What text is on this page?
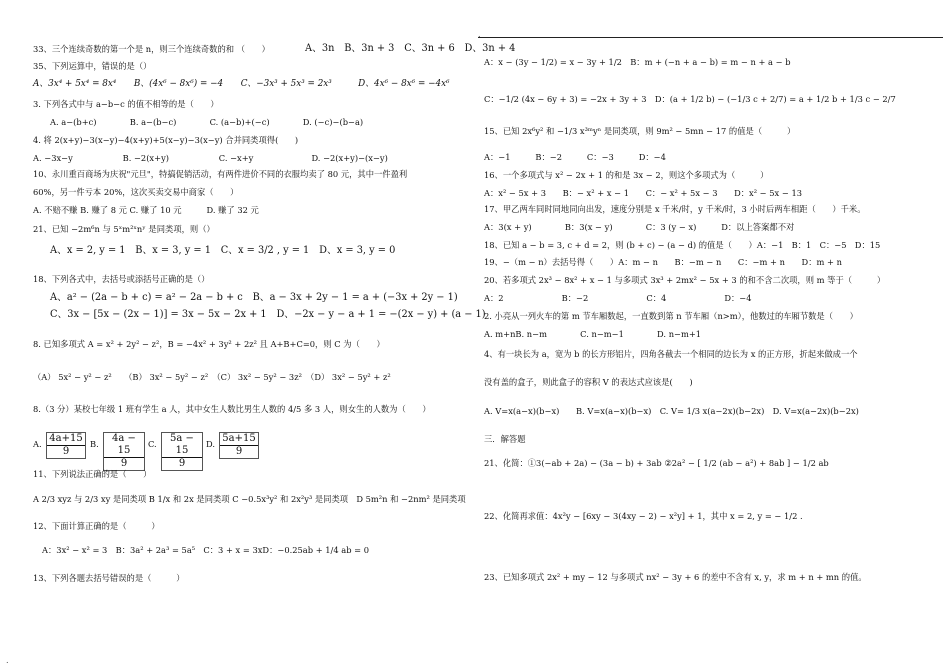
.
.
33、三个连续奇数的第一个是 n，则三个连续奇数的和 （　　）	A、3n　B、3n + 3　C、3n + 6　D、3n + 4
35、下列运算中，错误的是（）
A、3x⁴ + 5x⁴ = 8x⁴　　B、(4x⁶ − 8x⁶) = −4　　C、−3x³ + 5x³ = 2x³　　　D、4x⁶ − 8x⁶ = −4x⁶
3. 下列各式中与 a−b−c 的值不相等的是（　　）
A. a−(b+c)　　　　B. a−(b−c)　　　　C. (a−b)+(−c)　　　　D. (−c)−(b−a)
4. 将 2(x+y)−3(x−y)−4(x+y)+5(x−y)−3(x−y) 合并同类项得(　　)
A. −3x−y　　　　　　B. −2(x+y)　　　　　　C. −x+y　　　　　　　D. −2(x+y)−(x−y)
10、永川重百商场为庆祝"元旦"，特搞促销活动，有两件进价不同的衣服均卖了 80 元，其中一件盈利
60%，另一件亏本 20%，这次买卖交易中商家（　　）
A. 不赔不赚 B. 赚了 8 元 C. 赚了 10 元　　　D. 赚了 32 元
21、已知 −2m⁶n 与 5ˣm²ˣnʸ 是同类项，则（）
A、x = 2, y = 1　B、x = 3, y = 1　C、x = 3/2 , y = 1　D、x = 3, y = 0
18、下列各式中，去括号或添括号正确的是（）
A、a² − (2a − b + c) = a² − 2a − b + c　B、a − 3x + 2y − 1 = a + (−3x + 2y − 1)
C、3x − [5x − (2x − 1)] = 3x − 5x − 2x + 1　D、−2x − y − a + 1 = −(2x − y) + (a − 1)
8. 已知多项式 A = x² + 2y² − z²，B = −4x² + 3y² + 2z² 且 A+B+C=0，则 C 为（　　）
（A） 5x² − y² − z²　　（B） 3x² − 5y² − z²　（C） 3x² − 5y² − 3z²　（D） 3x² − 5y² + z²
8.（3 分）某校七年级 1 班有学生 a 人，其中女生人数比男生人数的 4/5 多 3 人，则女生的人数为（　　）
A. $\frac{4a+15}{9} B$. $\frac{4a - 15}{9} C$. $\frac{5a - 15}{9} D$. $\frac{5a+15}{9}$
11、下列说法正确的是（　　）
A 2/3 xyz 与 2/3 xy 是同类项 B 1/x 和 2x 是同类项 C −0.5x³y² 和 2x²y³ 是同类项　D 5m²n 和 −2nm² 是同类项
12、下面计算正确的是（　　　）
A：3x² − x² = 3　B：3a² + 2a³ = 5a⁵　C：3 + x = 3xD：−0.25ab + 1/4 ab = 0
13、下列各题去括号错误的是（　　　）
A：x − (3y − 1/2) = x − 3y + 1/2　B：m + (−n + a − b) = m − n + a − b
C：−1/2 (4x − 6y + 3) = −2x + 3y + 3　D：(a + 1/2 b) − (−1/3 c + 2/7) = a + 1/2 b + 1/3 c − 2/7
15、已知 2x⁶y² 和 −1/3 x³ᵐyⁿ 是同类项，则 9m² − 5mn − 17 的值是（　　　）
A：−1　　　B：−2　　　C：−3　　　D：−4
16、一个多项式与 x² − 2x + 1 的和是 3x − 2，则这个多项式为（　　　）
A：x² − 5x + 3　　B：− x² + x − 1　　C：− x² + 5x − 3　　D：x² − 5x − 13
17、甲乙两车同时同地同向出发，速度分别是 x 千米/时，y 千米/时，3 小时后两车相距（　　）千米。
A：3(x + y)　　　　B：3(x − y)　　　　C：3 (y − x)　　　D：以上答案都不对
18、已知 a − b = 3, c + d = 2，则 (b + c) − (a − d) 的值是（　　）A：−1　B：1　C：−5　D：15
19、−（m − n）去括号得（　　）A：m − n　　B：−m − n　　C：−m + n　　D：m + n
20、若多项式 2x³ − 8x² + x − 1 与多项式 3x³ + 2mx² − 5x + 3 的和不含二次项，则 m 等于（　　　）
A：2　　　　　　　B：−2　　　　　　　C：4　　　　　　　D：−4
2. 小亮从一列火车的第 m 节车厢数起，一直数到第 n 节车厢（n>m），他数过的车厢节数是（　　）
A. m+nB. n−m　　　　C. n−m−1　　　　D. n−m+1
4、有一块长为 a，宽为 b 的长方形铝片，四角各截去一个相同的边长为 x 的正方形，折起来做成一个
没有盖的盒子，则此盒子的容积 V 的表达式应该是(　　)
A. V=x(a−x)(b−x)　　B. V=x(a−x)(b−x)　C. V= 1/3 x(a−2x)(b−2x)　D. V=x(a−2x)(b−2x)
三．解答题
21、化简：①3(−ab + 2a) − (3a − b) + 3ab ②2a² − [ 1/2 (ab − a²) + 8ab ] − 1/2 ab
22、化简再求值：4x²y − [6xy − 3(4xy − 2) − x²y] + 1，其中 x = 2, y = − 1/2 .
23、已知多项式 2x² + my − 12 与多项式 nx² − 3y + 6 的差中不含有 x, y，求 m + n + mn 的值。
